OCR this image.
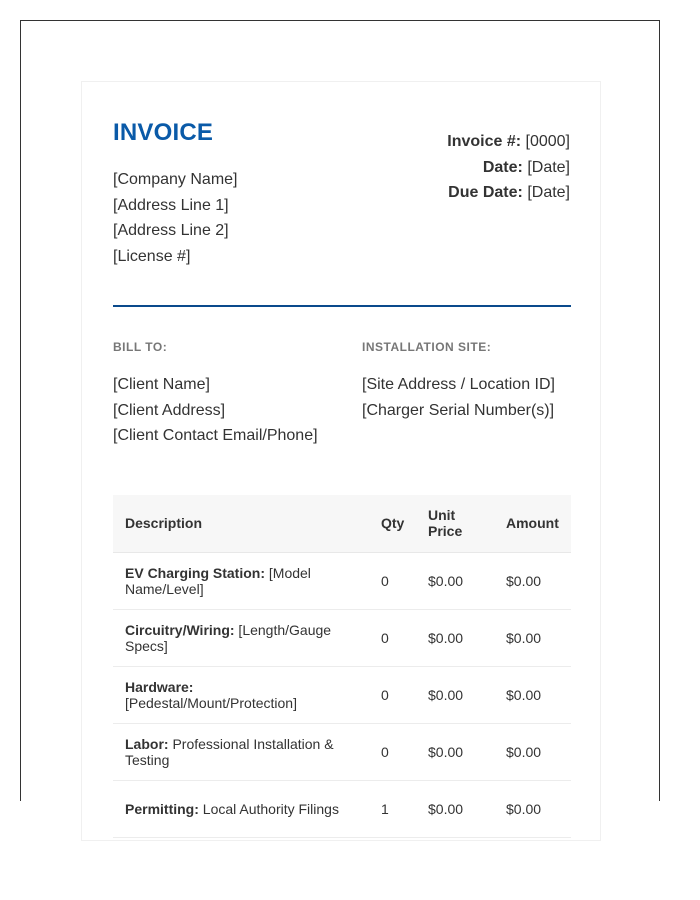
INVOICE
[Company Name]
[Address Line 1]
[Address Line 2]
[License #]
Invoice #: [0000]
Date: [Date]
Due Date: [Date]
BILL TO:	INSTALLATION SITE:
[Client Name]
[Client Address]
[Client Contact Email/Phone]
[Site Address / Location ID]
[Charger Serial Number(s)]
Description	Qty	Unit Price	Amount
EV Charging Station: [Model Name/Level]	0	$0.00	$0.00
Circuitry/Wiring: [Length/Gauge Specs]	0	$0.00	$0.00
Hardware: [Pedestal/Mount/Protection]	0	$0.00	$0.00
Labor: Professional Installation & Testing	0	$0.00	$0.00
Permitting: Local Authority Filings	1	$0.00	$0.00
